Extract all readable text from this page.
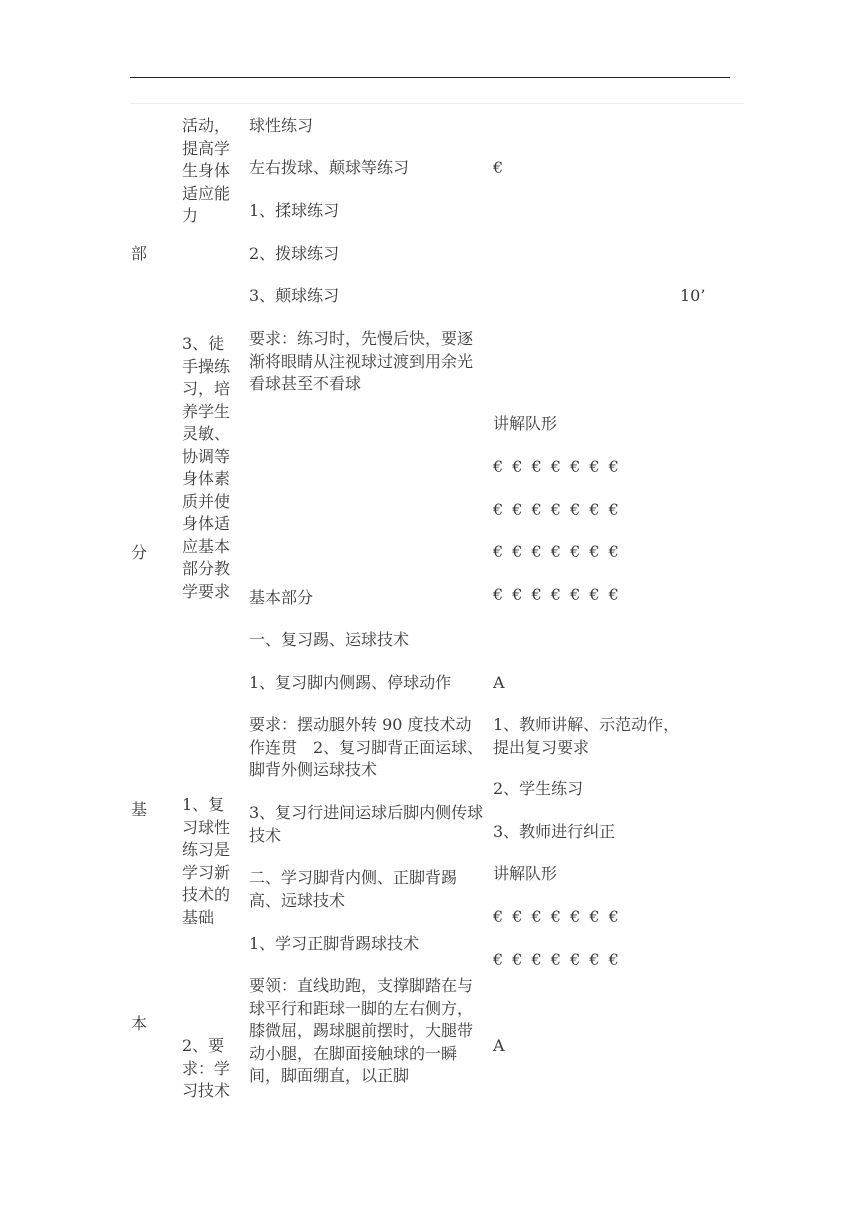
部
分
基
本
活动，提高学生身体适应能力
3、徒手操练习，培养学生灵敏、协调等身体素质并使身体适应基本部分教学要求
1、复习球性练习是学习新技术的基础
2、要求：学习技术
球性练习
左右拨球、颠球等练习
1、揉球练习
2、拨球练习
3、颠球练习
要求：练习时，先慢后快，要逐渐将眼睛从注视球过渡到用余光看球甚至不看球
基本部分
一、复习踢、运球技术
1、复习脚内侧踢、停球动作
要求：摆动腿外转 90 度技术动作连贯　2、复习脚背正面运球、脚背外侧运球技术
3、复习行进间运球后脚内侧传球技术
二、学习脚背内侧、正脚背踢高、远球技术
1、学习正脚背踢球技术
要领：直线助跑，支撑脚踏在与球平行和距球一脚的左右侧方，膝微屈，踢球腿前摆时，大腿带动小腿，在脚面接触球的一瞬间，脚面绷直，以正脚
€
讲解队形
€ € € € € € €
€ € € € € € €
€ € € € € € €
€ € € € € € €
A
1、教师讲解、示范动作，提出复习要求
2、学生练习
3、教师进行纠正
讲解队形
€ € € € € € €
€ € € € € € €
A
10’
